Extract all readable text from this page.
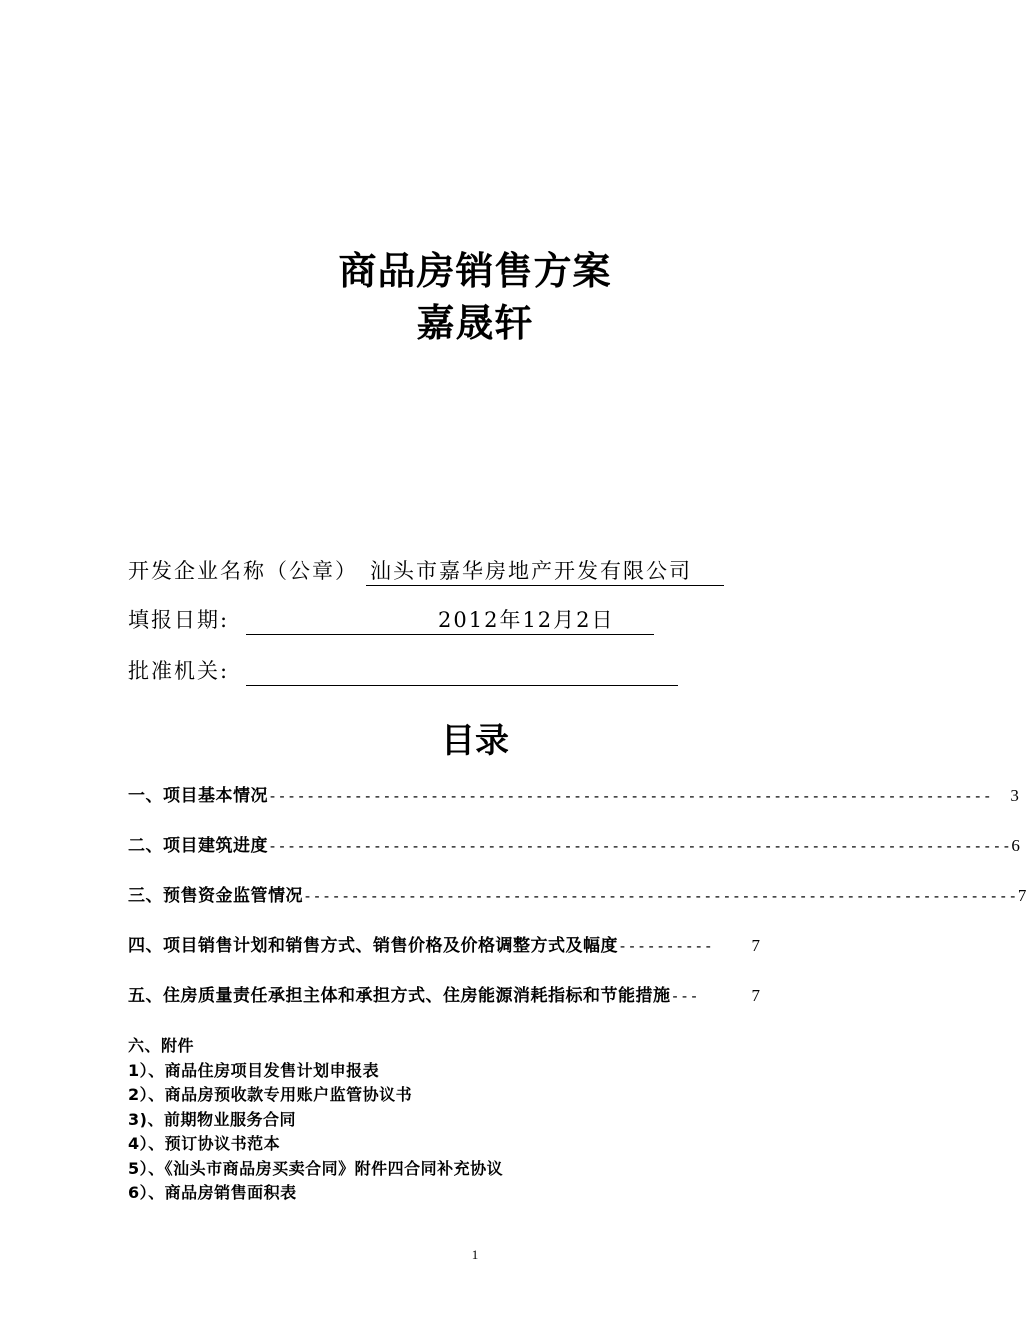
商品房销售方案
嘉晟轩
开发企业名称（公章） 汕头市嘉华房地产开发有限公司
填报日期:	2012年12月2日
批准机关:
目录
一、项目基本情况 ----------------------------------------------------------------------------	3
二、项目建筑进度 ------------------------------------------------------------------------------ 6
三、预售资金监管情况 --------------------------------------------------------------------------- 7
四、项目销售计划和销售方式、销售价格及价格调整方式及幅度 ----------	7
五、住房质量责任承担主体和承担方式、住房能源消耗指标和节能措施 ---	7
六、附件
1）、商品住房项目发售计划申报表
2）、商品房预收款专用账户监管协议书
3)、前期物业服务合同
4）、预订协议书范本
5）、《汕头市商品房买卖合同》附件四合同补充协议
6）、商品房销售面积表
1
